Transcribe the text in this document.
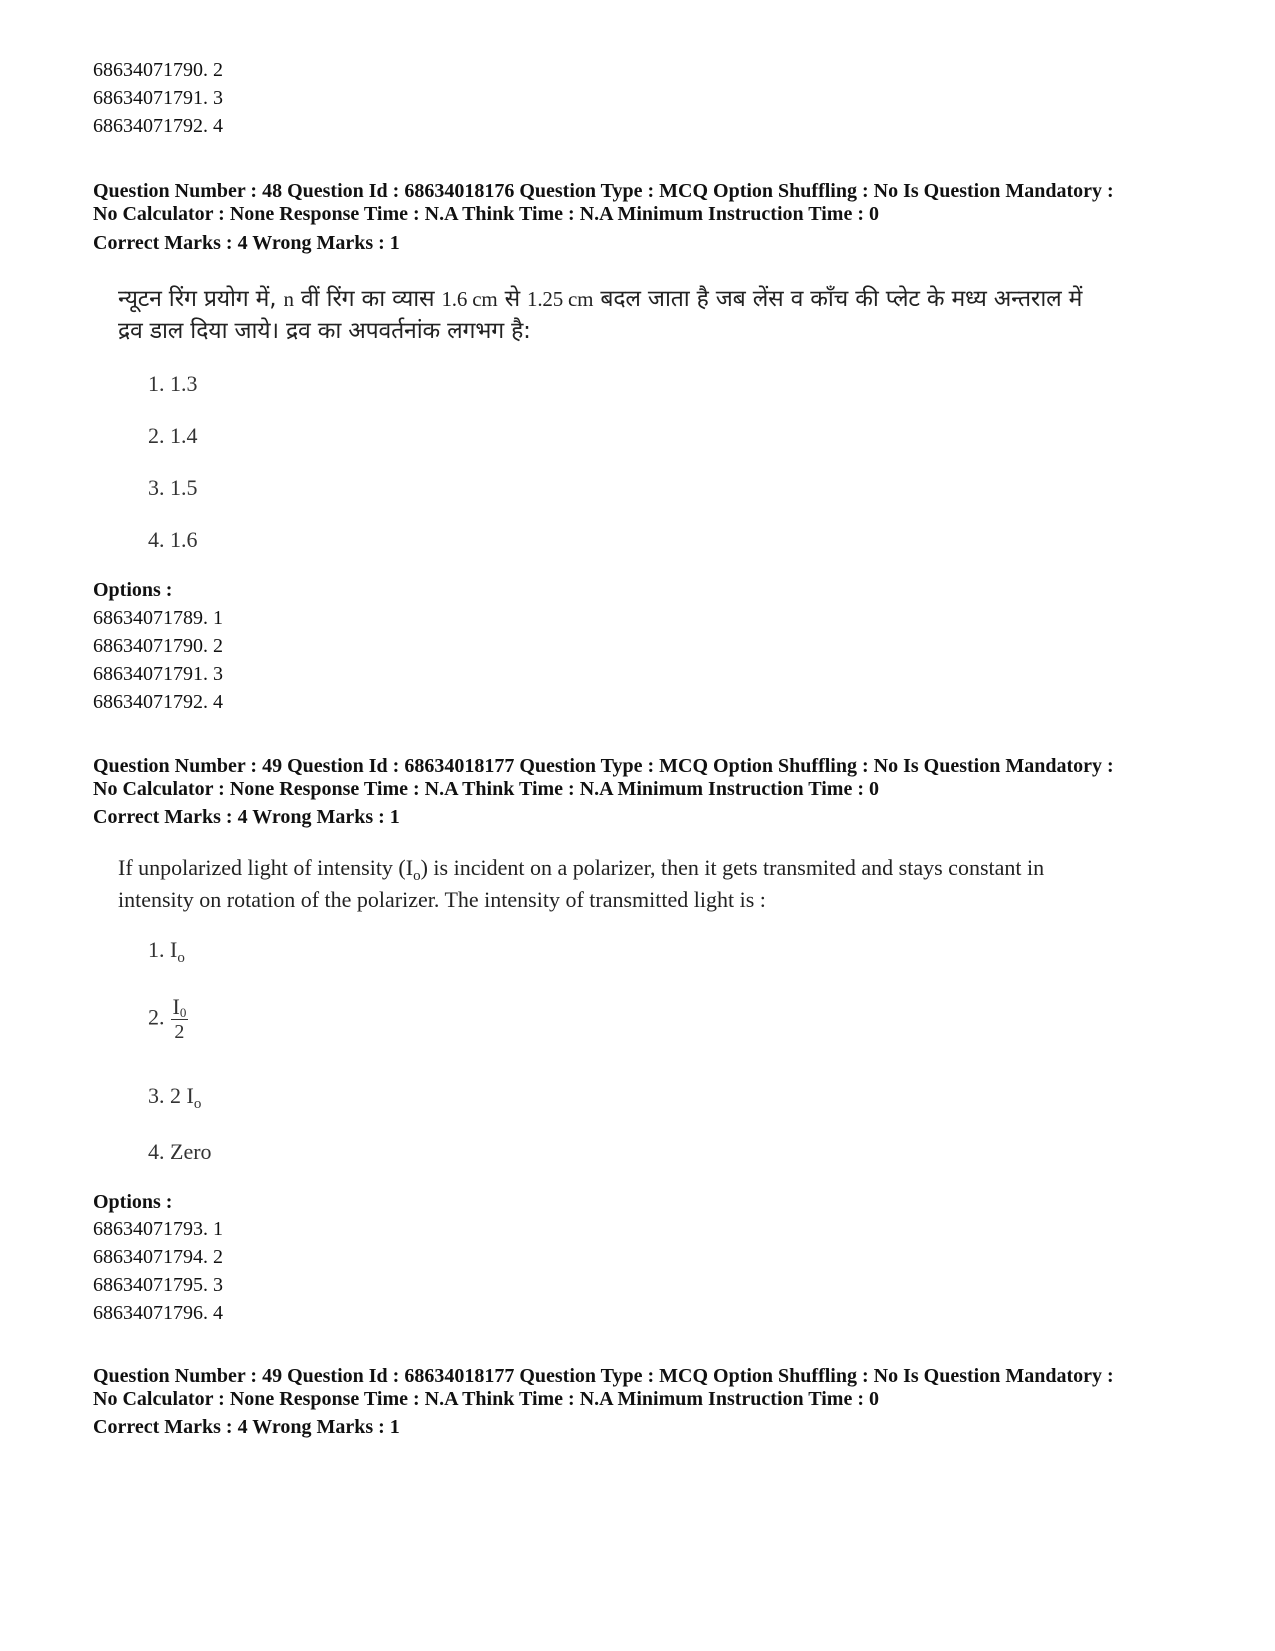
68634071790. 2
68634071791. 3
68634071792. 4
Question Number : 48 Question Id : 68634018176 Question Type : MCQ Option Shuffling : No Is Question Mandatory :
No Calculator : None Response Time : N.A Think Time : N.A Minimum Instruction Time : 0
Correct Marks : 4 Wrong Marks : 1
न्यूटन रिंग प्रयोग में, n वीं रिंग का व्यास 1.6 cm से 1.25 cm बदल जाता है जब लेंस व काँच की प्लेट के मध्य अन्तराल में
द्रव डाल दिया जाये। द्रव का अपवर्तनांक लगभग है:
1. 1.3
2. 1.4
3. 1.5
4. 1.6
Options :
68634071789. 1
68634071790. 2
68634071791. 3
68634071792. 4
Question Number : 49 Question Id : 68634018177 Question Type : MCQ Option Shuffling : No Is Question Mandatory :
No Calculator : None Response Time : N.A Think Time : N.A Minimum Instruction Time : 0
Correct Marks : 4 Wrong Marks : 1
If unpolarized light of intensity $(I_o)$ is incident on a polarizer, then it gets transmited and stays constant in
intensity on rotation of the polarizer. The intensity of transmitted light is :
1. $I_o$
2. $\frac{I_0}{2}$
3. 2 $I_o$
4. Zero
Options :
68634071793. 1
68634071794. 2
68634071795. 3
68634071796. 4
Question Number : 49 Question Id : 68634018177 Question Type : MCQ Option Shuffling : No Is Question Mandatory :
No Calculator : None Response Time : N.A Think Time : N.A Minimum Instruction Time : 0
Correct Marks : 4 Wrong Marks : 1
